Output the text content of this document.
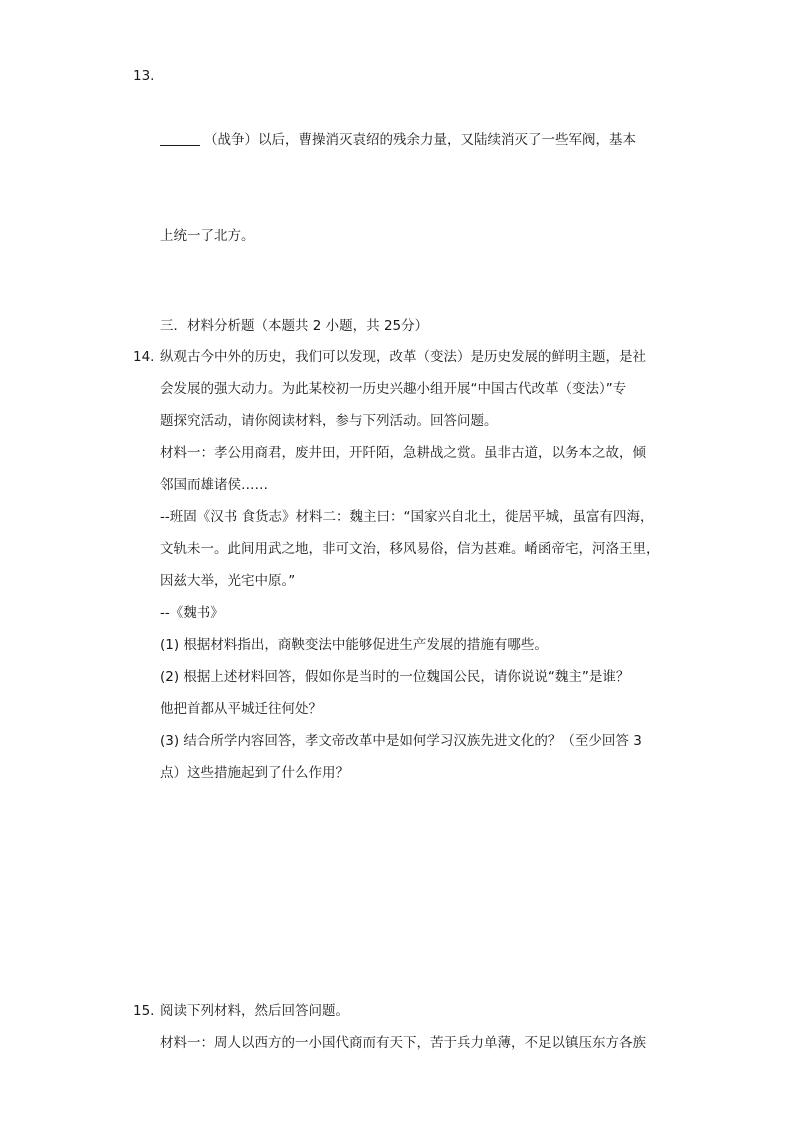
13.

（战争）以后，曹操消灭袁绍的残余力量，又陆续消灭了一些军阀，基本

上统一了北方。

三．材料分析题（本题共 2 小题，共 25分）
14. 纵观古今中外的历史，我们可以发现，改革（变法）是历史发展的鲜明主题，是社
会发展的强大动力。为此某校初一历史兴趣小组开展“中国古代改革（变法）”专
题探究活动，请你阅读材料，参与下列活动。回答问题。
材料一：孝公用商君，废井田，开阡陌，急耕战之赏。虽非古道，以务本之故，倾
邻国而雄诸侯……
--班固《汉书 食货志》材料二：魏主曰：“国家兴自北土，徙居平城，虽富有四海，
文轨未一。此间用武之地，非可文治，移风易俗，信为甚难。崤函帝宅，河洛王里，
因兹大举，光宅中原。”
--《魏书》
(1) 根据材料指出，商鞅变法中能够促进生产发展的措施有哪些。
(2) 根据上述材料回答，假如你是当时的一位魏国公民，请你说说“魏主”是谁？
他把首都从平城迁往何处？
(3) 结合所学内容回答，孝文帝改革中是如何学习汉族先进文化的？（至少回答 3
点）这些措施起到了什么作用？
15. 阅读下列材料，然后回答问题。
材料一：周人以西方的一小国代商而有天下，苦于兵力单薄，不足以镇压东方各族
